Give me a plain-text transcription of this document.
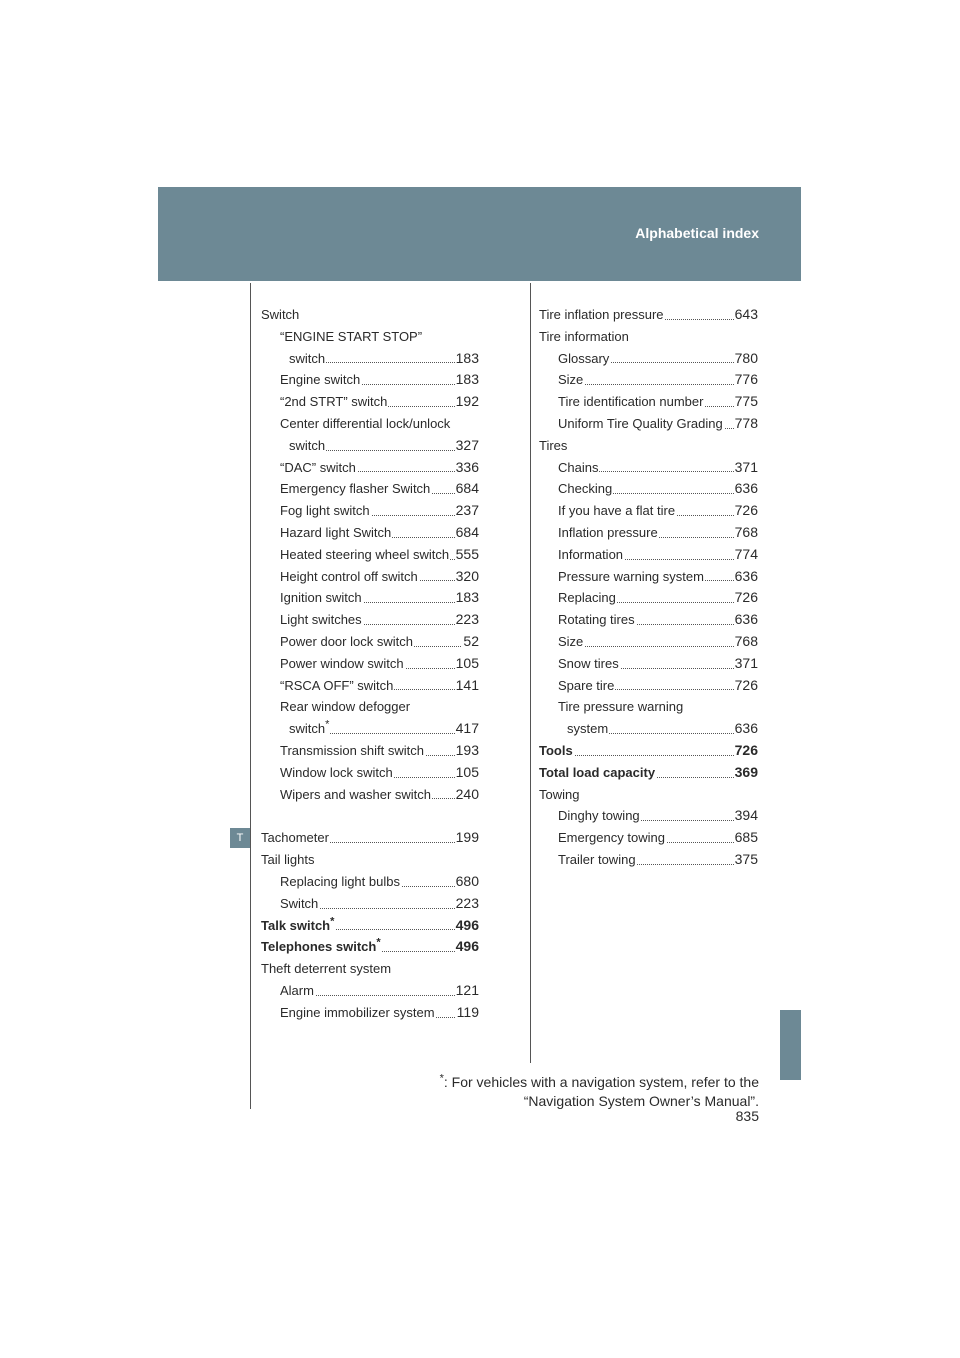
Alphabetical index
T
Switch
“ENGINE START STOP”
switch	183
Engine switch	183
“2nd STRT” switch	192
Center differential lock/unlock
switch	327
“DAC” switch	336
Emergency flasher Switch 684
Fog light switch	237
Hazard light Switch	684
Heated steering wheel switch 555
Height control off switch	320
Ignition switch	183
Light switches	223
Power door lock switch	52
Power window switch	105
“RSCA OFF” switch	141
Rear window defogger
switch*	417
Transmission shift switch 193
Window lock switch	105
Wipers and washer switch 240
Tachometer	199
Tail lights
Replacing light bulbs	680
Switch	223
Talk switch*	496
Telephones switch*	496
Theft deterrent system
Alarm	121
Engine immobilizer system 119
Tire inflation pressure	643
Tire information
Glossary	780
Size	776
Tire identification number 775
Uniform Tire Quality Grading 778
Tires
Chains	371
Checking	636
If you have a flat tire	726
Inflation pressure	768
Information	774
Pressure warning system 636
Replacing	726
Rotating tires	636
Size	768
Snow tires	371
Spare tire	726
Tire pressure warning
system	636
Tools	726
Total load capacity	369
Towing
Dinghy towing	394
Emergency towing	685
Trailer towing	375
*: For vehicles with a navigation system, refer to the
“Navigation System Owner’s Manual”.
835
